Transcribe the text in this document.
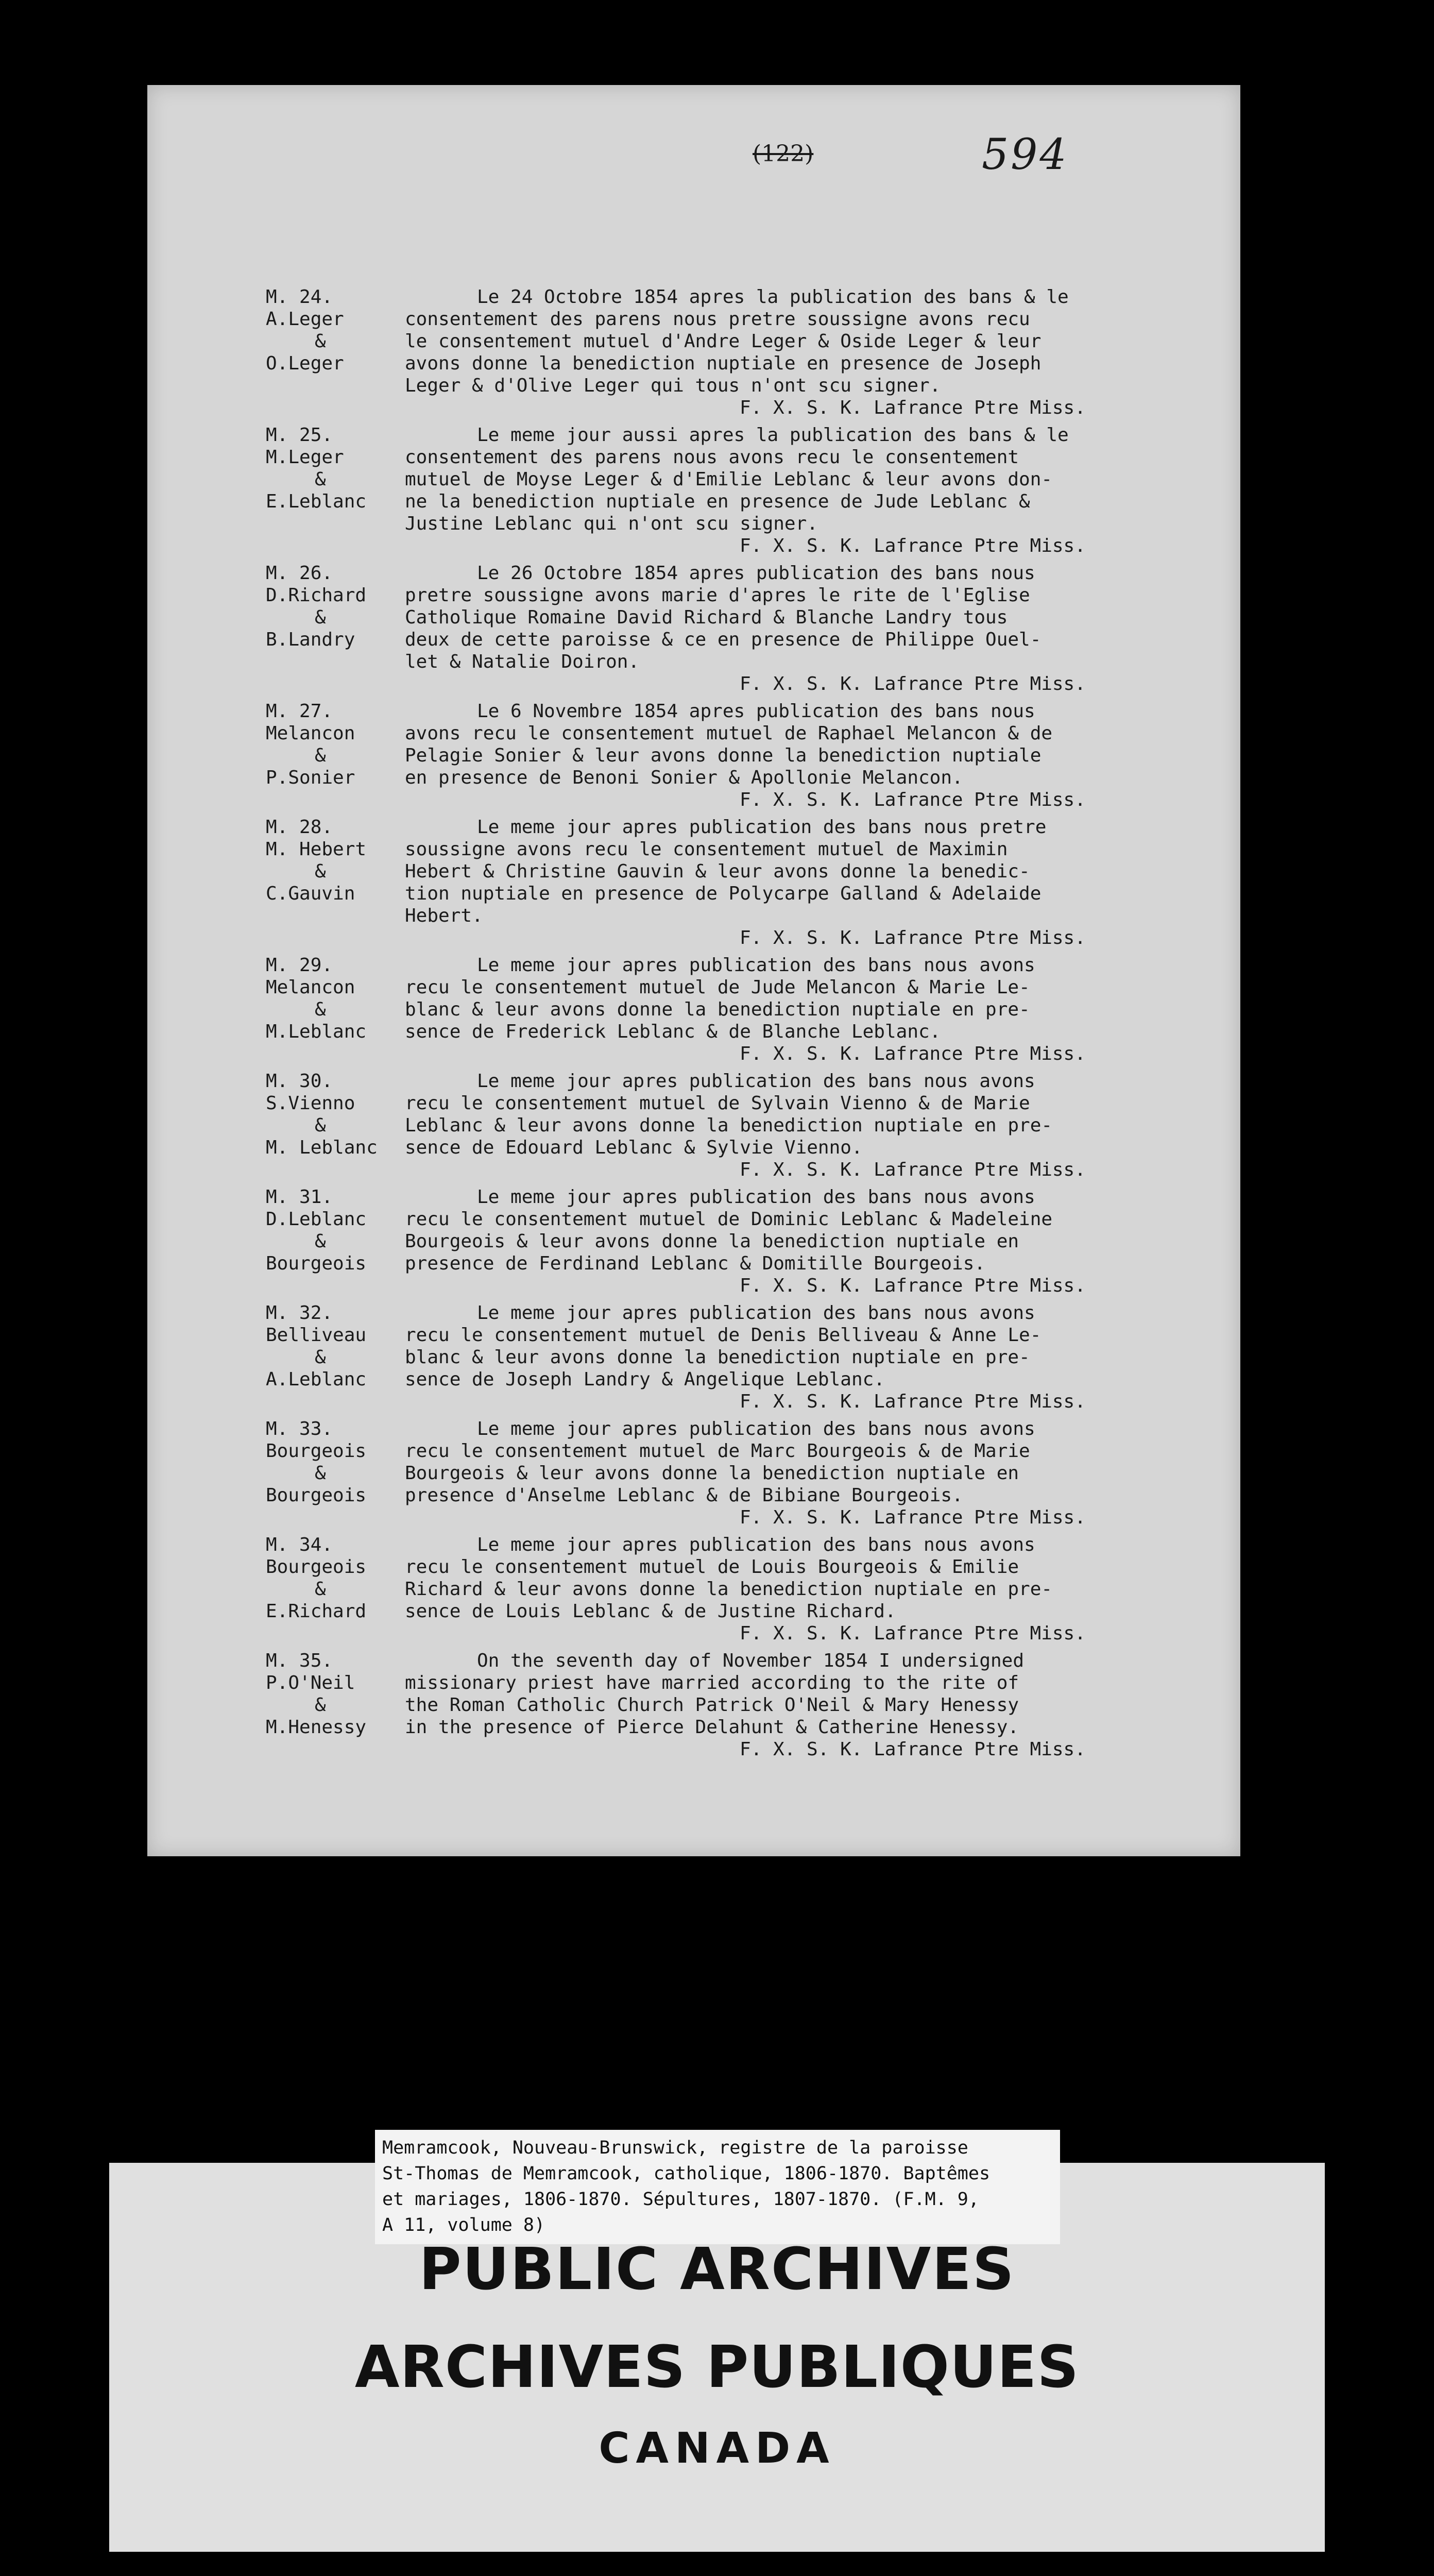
(122)	594
M. 24.
A.Leger
&
O.Leger
Le 24 Octobre 1854 apres la publication des bans & le
consentement des parens nous pretre soussigne avons recu
le consentement mutuel d'Andre Leger & Oside Leger & leur
avons donne la benediction nuptiale en presence de Joseph
Leger & d'Olive Leger qui tous n'ont scu signer.
F. X. S. K. Lafrance Ptre Miss.
M. 25.
M.Leger
&
E.Leblanc
Le meme jour aussi apres la publication des bans & le
consentement des parens nous avons recu le consentement
mutuel de Moyse Leger & d'Emilie Leblanc & leur avons don-
ne la benediction nuptiale en presence de Jude Leblanc &
Justine Leblanc qui n'ont scu signer.
F. X. S. K. Lafrance Ptre Miss.
M. 26.
D.Richard
&
B.Landry
Le 26 Octobre 1854 apres publication des bans nous
pretre soussigne avons marie d'apres le rite de l'Eglise
Catholique Romaine David Richard & Blanche Landry tous
deux de cette paroisse & ce en presence de Philippe Ouel-
let & Natalie Doiron.
F. X. S. K. Lafrance Ptre Miss.
M. 27.
Melancon
&
P.Sonier
Le 6 Novembre 1854 apres publication des bans nous
avons recu le consentement mutuel de Raphael Melancon & de
Pelagie Sonier & leur avons donne la benediction nuptiale
en presence de Benoni Sonier & Apollonie Melancon.
F. X. S. K. Lafrance Ptre Miss.
M. 28.
M. Hebert
&
C.Gauvin
Le meme jour apres publication des bans nous pretre
soussigne avons recu le consentement mutuel de Maximin
Hebert & Christine Gauvin & leur avons donne la benedic-
tion nuptiale en presence de Polycarpe Galland & Adelaide
Hebert.
F. X. S. K. Lafrance Ptre Miss.
M. 29.
Melancon
&
M.Leblanc
Le meme jour apres publication des bans nous avons
recu le consentement mutuel de Jude Melancon & Marie Le-
blanc & leur avons donne la benediction nuptiale en pre-
sence de Frederick Leblanc & de Blanche Leblanc.
F. X. S. K. Lafrance Ptre Miss.
M. 30.
S.Vienno
&
M. Leblanc
Le meme jour apres publication des bans nous avons
recu le consentement mutuel de Sylvain Vienno & de Marie
Leblanc & leur avons donne la benediction nuptiale en pre-
sence de Edouard Leblanc & Sylvie Vienno.
F. X. S. K. Lafrance Ptre Miss.
M. 31.
D.Leblanc
&
Bourgeois
Le meme jour apres publication des bans nous avons
recu le consentement mutuel de Dominic Leblanc & Madeleine
Bourgeois & leur avons donne la benediction nuptiale en
presence de Ferdinand Leblanc & Domitille Bourgeois.
F. X. S. K. Lafrance Ptre Miss.
M. 32.
Belliveau
&
A.Leblanc
Le meme jour apres publication des bans nous avons
recu le consentement mutuel de Denis Belliveau & Anne Le-
blanc & leur avons donne la benediction nuptiale en pre-
sence de Joseph Landry & Angelique Leblanc.
F. X. S. K. Lafrance Ptre Miss.
M. 33.
Bourgeois
&
Bourgeois
Le meme jour apres publication des bans nous avons
recu le consentement mutuel de Marc Bourgeois & de Marie
Bourgeois & leur avons donne la benediction nuptiale en
presence d'Anselme Leblanc & de Bibiane Bourgeois.
F. X. S. K. Lafrance Ptre Miss.
M. 34.
Bourgeois
&
E.Richard
Le meme jour apres publication des bans nous avons
recu le consentement mutuel de Louis Bourgeois & Emilie
Richard & leur avons donne la benediction nuptiale en pre-
sence de Louis Leblanc & de Justine Richard.
F. X. S. K. Lafrance Ptre Miss.
M. 35.
P.O'Neil
&
M.Henessy
On the seventh day of November 1854 I undersigned
missionary priest have married according to the rite of
the Roman Catholic Church Patrick O'Neil & Mary Henessy
in the presence of Pierce Delahunt & Catherine Henessy.
F. X. S. K. Lafrance Ptre Miss.
Memramcook, Nouveau-Brunswick, registre de la paroisse
St-Thomas de Memramcook, catholique, 1806-1870. Baptêmes
et mariages, 1806-1870. Sépultures, 1807-1870. (F.M. 9,
A 11, volume 8)
PUBLIC ARCHIVES
ARCHIVES PUBLIQUES
CANADA
